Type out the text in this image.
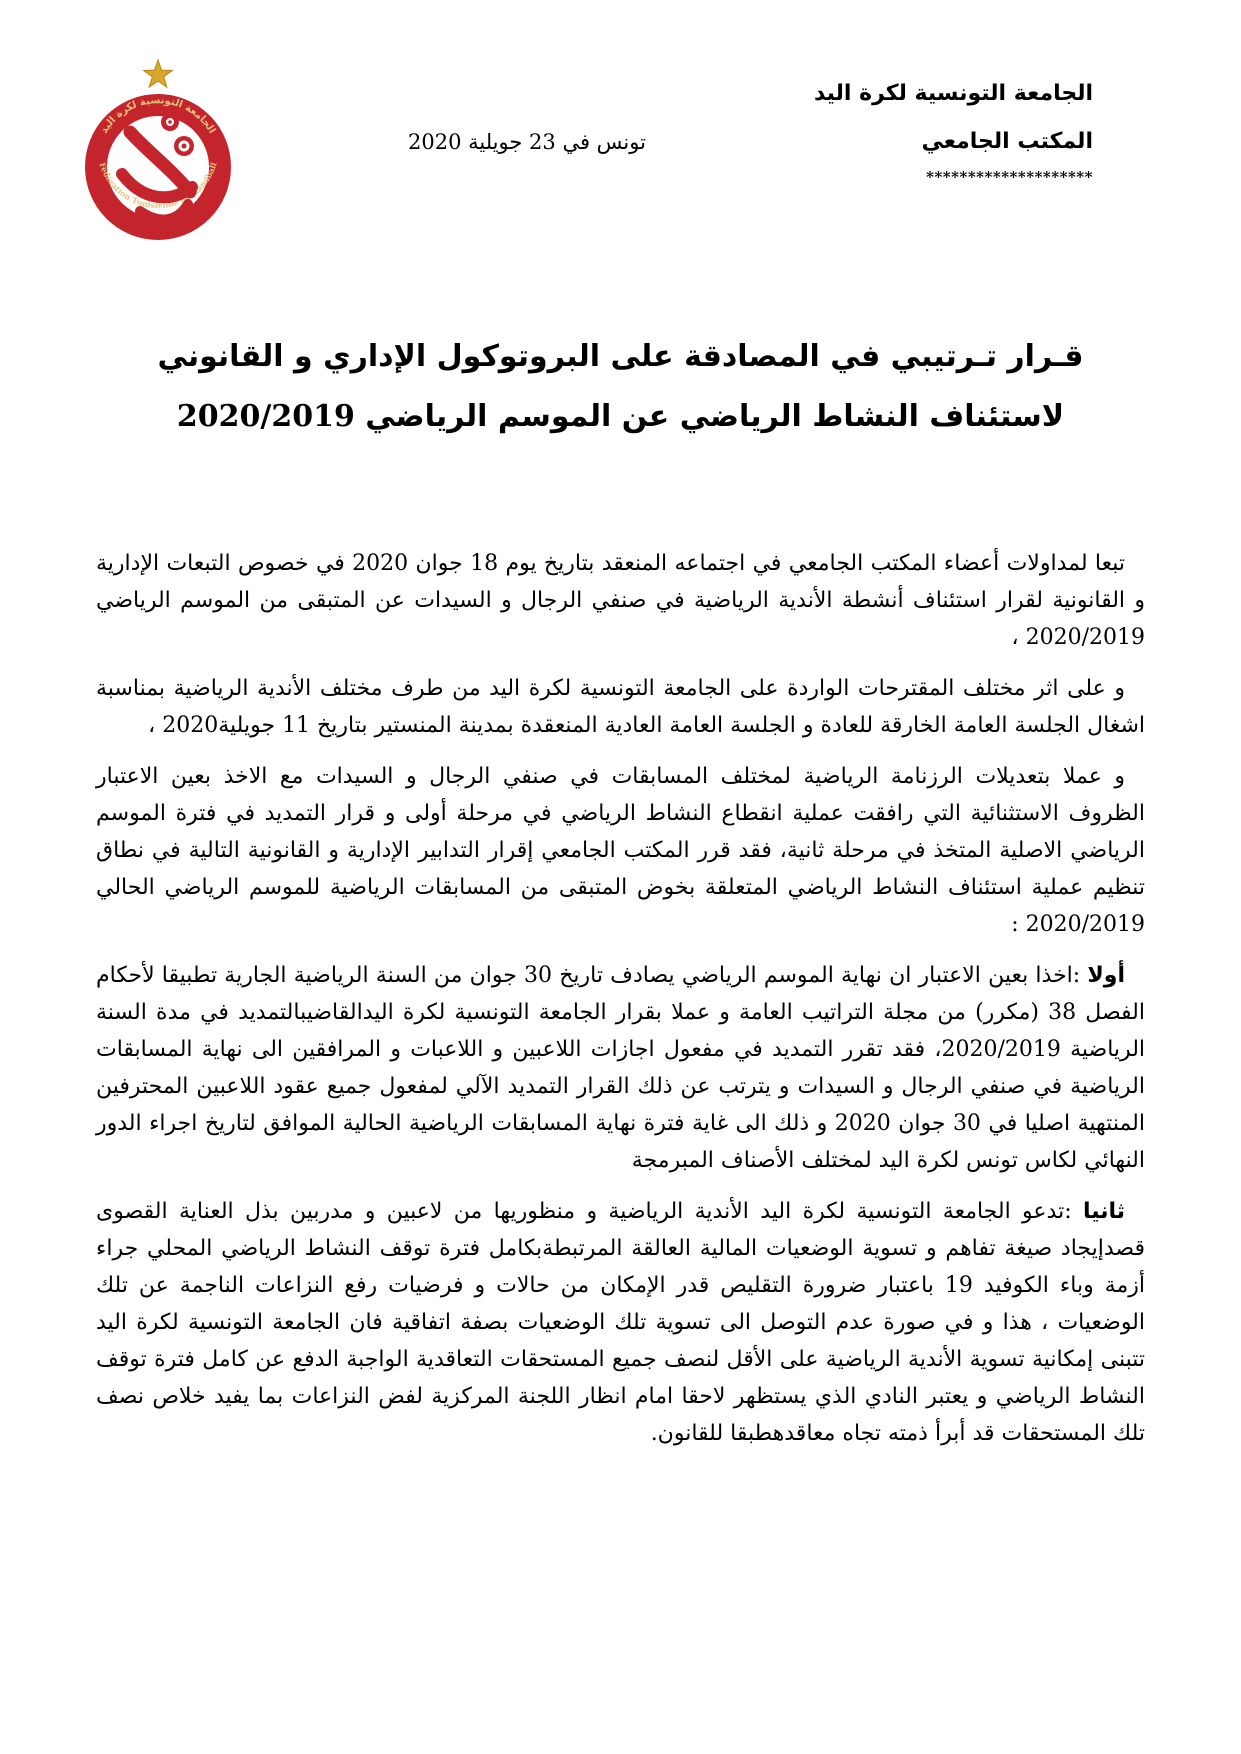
الجامعة التونسية لكرة اليد
Fédération Tunisienne de Handball
الجامعة التونسية لكرة اليد
المكتب الجامعي
********************
تونس في 23 جويلية 2020
قـرار تـرتيبي في المصادقة على البروتوكول الإداري و القانوني
لاستئناف النشاط الرياضي عن الموسم الرياضي 2020/2019

تبعا لمداولات أعضاء المكتب الجامعي في اجتماعه المنعقد بتاريخ يوم 18 جوان 2020 في خصوص التبعات الإدارية و القانونية لقرار استئناف أنشطة الأندية الرياضية في صنفي الرجال و السيدات عن المتبقى من الموسم الرياضي 2020/2019 ،

و على اثر مختلف المقترحات الواردة على الجامعة التونسية لكرة اليد من طرف مختلف الأندية الرياضية بمناسبة اشغال الجلسة العامة الخارقة للعادة و الجلسة العامة العادية المنعقدة بمدينة المنستير بتاريخ 11 جويلية2020 ،

و عملا بتعديلات الرزنامة الرياضية لمختلف المسابقات في صنفي الرجال و السيدات مع الاخذ بعين الاعتبار الظروف الاستثنائية التي رافقت عملية انقطاع النشاط الرياضي في مرحلة أولى و قرار التمديد في فترة الموسم الرياضي الاصلية المتخذ في مرحلة ثانية، فقد قرر المكتب الجامعي إقرار التدابير الإدارية و القانونية التالية في نطاق تنظيم عملية استئناف النشاط الرياضي المتعلقة بخوض المتبقى من المسابقات الرياضية للموسم الرياضي الحالي 2020/2019 :

أولا :اخذا بعين الاعتبار ان نهاية الموسم الرياضي يصادف تاريخ 30 جوان من السنة الرياضية الجارية تطبيقا لأحكام الفصل 38 (مكرر) من مجلة التراتيب العامة و عملا بقرار الجامعة التونسية لكرة اليدالقاضيبالتمديد في مدة السنة الرياضية 2020/2019، فقد تقرر التمديد في مفعول اجازات اللاعبين و اللاعبات و المرافقين الى نهاية المسابقات الرياضية في صنفي الرجال و السيدات و يترتب عن ذلك القرار التمديد الآلي لمفعول جميع عقود اللاعبين المحترفين المنتهية اصليا في 30 جوان 2020 و ذلك الى غاية فترة نهاية المسابقات الرياضية الحالية الموافق لتاريخ اجراء الدور النهائي لكاس تونس لكرة اليد لمختلف الأصناف المبرمجة

ثانيا :تدعو الجامعة التونسية لكرة اليد الأندية الرياضية و منظوريها من لاعبين و مدربين بذل العناية القصوى قصدإيجاد صيغة تفاهم و تسوية الوضعيات المالية العالقة المرتبطةبكامل فترة توقف النشاط الرياضي المحلي جراء أزمة وباء الكوفيد 19 باعتبار ضرورة التقليص قدر الإمكان من حالات و فرضيات رفع النزاعات الناجمة عن تلك الوضعيات ، هذا و في صورة عدم التوصل الى تسوية تلك الوضعيات بصفة اتفاقية فان الجامعة التونسية لكرة اليد تتبنى إمكانية تسوية الأندية الرياضية على الأقل لنصف جميع المستحقات التعاقدية الواجبة الدفع عن كامل فترة توقف النشاط الرياضي و يعتبر النادي الذي يستظهر لاحقا امام انظار اللجنة المركزية لفض النزاعات بما يفيد خلاص نصف تلك المستحقات قد أبرأ ذمته تجاه معاقدهطبقا للقانون.
